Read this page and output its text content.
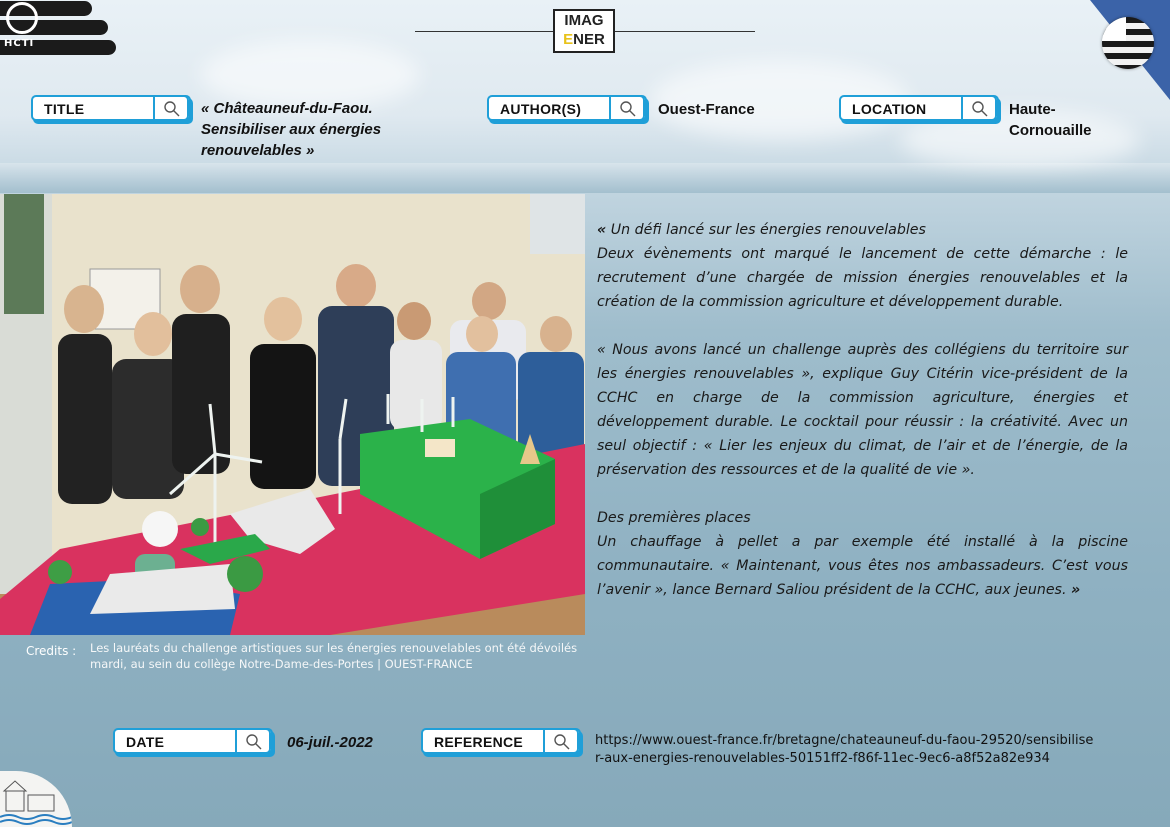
HCTI
IMAG
ENER
TITLE	« Châteauneuf-du-Faou. Sensibiliser aux énergies renouvelables »
AUTHOR(S)	Ouest-France	LOCATION	Haute-Cornouaille
Credits : Les lauréats du challenge artistiques sur les énergies renouvelables ont été dévoilés mardi, au sein du collège Notre-Dame-des-Portes | OUEST-FRANCE

« Un défi lancé sur les énergies renouvelables

Deux évènements ont marqué le lancement de cette démarche : le recrutement d’une chargée de mission énergies renouvelables et la création de la commission agriculture et développement durable.

« Nous avons lancé un challenge auprès des collégiens du territoire sur les énergies renouvelables », explique Guy Citérin vice-président de la CCHC en charge de la commission agriculture, énergies et développement durable. Le cocktail pour réussir : la créativité. Avec un seul objectif : « Lier les enjeux du climat, de l’air et de l’énergie, de la préservation des ressources et de la qualité de vie ».

Des premières places

Un chauffage à pellet a par exemple été installé à la piscine communautaire. « Maintenant, vous êtes nos ambassadeurs. C’est vous l’avenir », lance Bernard Saliou président de la CCHC, aux jeunes. »

DATE	06-juil.-2022	REFERENCE	https://www.ouest-france.fr/bretagne/chateauneuf-du-faou-29520/sensibiliser-aux-energies-renouvelables-50151ff2-f86f-11ec-9ec6-a8f52a82e934
